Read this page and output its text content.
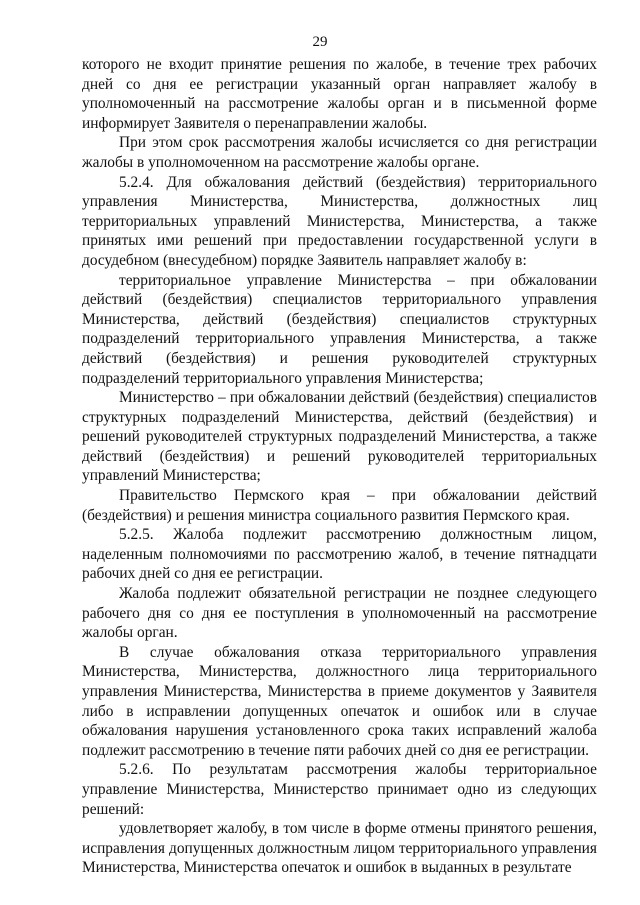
29

которого не входит принятие решения по жалобе, в течение трех рабочих дней со дня ее регистрации указанный орган направляет жалобу в уполномоченный на рассмотрение жалобы орган и в письменной форме информирует Заявителя о перенаправлении жалобы.

При этом срок рассмотрения жалобы исчисляется со дня регистрации жалобы в уполномоченном на рассмотрение жалобы органе.

5.2.4. Для обжалования действий (бездействия) территориального управления Министерства, Министерства, должностных лиц территориальных управлений Министерства, Министерства, а также принятых ими решений при предоставлении государственной услуги в досудебном (внесудебном) порядке Заявитель направляет жалобу в:

территориальное управление Министерства – при обжаловании действий (бездействия) специалистов территориального управления Министерства, действий (бездействия) специалистов структурных подразделений территориального управления Министерства, а также действий (бездействия) и решения руководителей структурных подразделений территориального управления Министерства;

Министерство – при обжаловании действий (бездействия) специалистов структурных подразделений Министерства, действий (бездействия) и решений руководителей структурных подразделений Министерства, а также действий (бездействия) и решений руководителей территориальных управлений Министерства;

Правительство Пермского края – при обжаловании действий (бездействия) и решения министра социального развития Пермского края.

5.2.5. Жалоба подлежит рассмотрению должностным лицом, наделенным полномочиями по рассмотрению жалоб, в течение пятнадцати рабочих дней со дня ее регистрации.

Жалоба подлежит обязательной регистрации не позднее следующего рабочего дня со дня ее поступления в уполномоченный на рассмотрение жалобы орган.

В случае обжалования отказа территориального управления Министерства, Министерства, должностного лица территориального управления Министерства, Министерства в приеме документов у Заявителя либо в исправлении допущенных опечаток и ошибок или в случае обжалования нарушения установленного срока таких исправлений жалоба подлежит рассмотрению в течение пяти рабочих дней со дня ее регистрации.

5.2.6. По результатам рассмотрения жалобы территориальное управление Министерства, Министерство принимает одно из следующих решений:

удовлетворяет жалобу, в том числе в форме отмены принятого решения, исправления допущенных должностным лицом территориального управления Министерства, Министерства опечаток и ошибок в выданных в результате
